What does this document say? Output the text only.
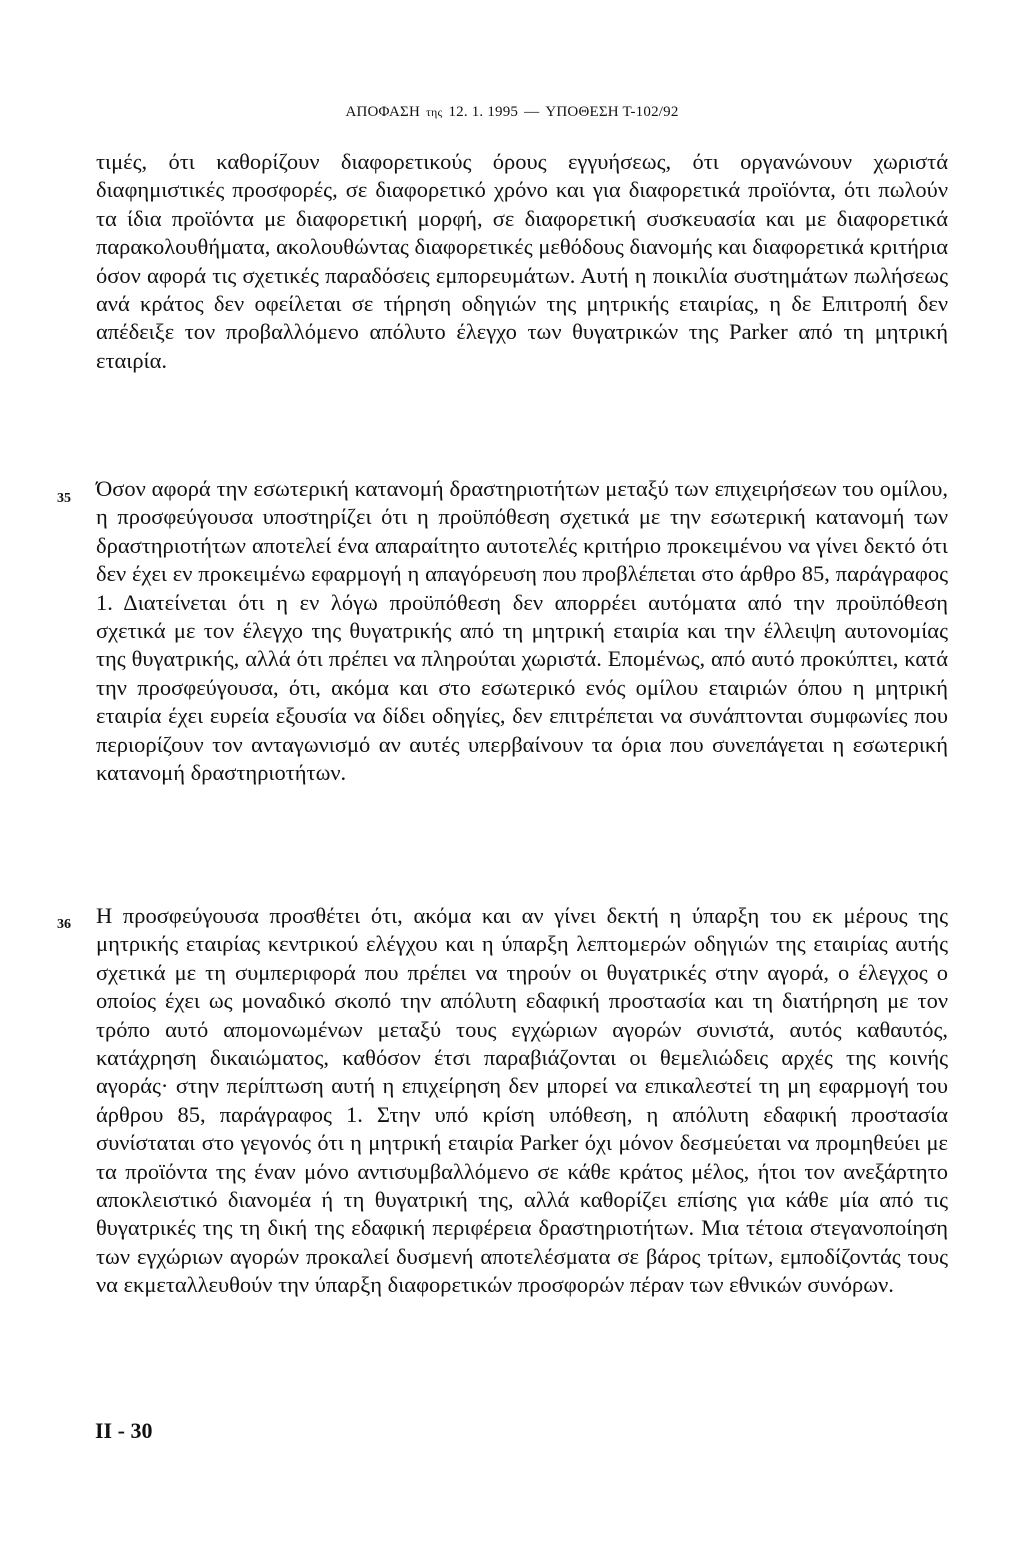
ΑΠΟΦΑΣΗ της 12. 1. 1995 — ΥΠΟΘΕΣΗ Τ-102/92

τιμές, ότι καθορίζουν διαφορετικούς όρους εγγυήσεως, ότι οργανώνουν χωριστά διαφημιστικές προσφορές, σε διαφορετικό χρόνο και για διαφορετικά προϊόντα, ότι πωλούν τα ίδια προϊόντα με διαφορετική μορφή, σε διαφορετική συσκευασία και με διαφορετικά παρακολουθήματα, ακολουθώντας διαφορετικές μεθόδους διανομής και διαφορετικά κριτήρια όσον αφορά τις σχετικές παραδόσεις εμπορευμάτων. Αυτή η ποικιλία συστημάτων πωλήσεως ανά κράτος δεν οφείλεται σε τήρηση οδηγιών της μητρικής εταιρίας, η δε Επιτροπή δεν απέδειξε τον προβαλλόμενο απόλυτο έλεγχο των θυγατρικών της Parker από τη μητρική εταιρία.

35 Όσον αφορά την εσωτερική κατανομή δραστηριοτήτων μεταξύ των επιχειρήσεων του ομίλου, η προσφεύγουσα υποστηρίζει ότι η προϋπόθεση σχετικά με την εσωτερική κατανομή των δραστηριοτήτων αποτελεί ένα απαραίτητο αυτοτελές κριτήριο προκειμένου να γίνει δεκτό ότι δεν έχει εν προκειμένω εφαρμογή η απαγόρευση που προβλέπεται στο άρθρο 85, παράγραφος 1. Διατείνεται ότι η εν λόγω προϋπόθεση δεν απορρέει αυτόματα από την προϋπόθεση σχετικά με τον έλεγχο της θυγατρικής από τη μητρική εταιρία και την έλλειψη αυτονομίας της θυγατρικής, αλλά ότι πρέπει να πληρούται χωριστά. Επομένως, από αυτό προκύπτει, κατά την προσφεύγουσα, ότι, ακόμα και στο εσωτερικό ενός ομίλου εταιριών όπου η μητρική εταιρία έχει ευρεία εξουσία να δίδει οδηγίες, δεν επιτρέπεται να συνάπτονται συμφωνίες που περιορίζουν τον ανταγωνισμό αν αυτές υπερβαίνουν τα όρια που συνεπάγεται η εσωτερική κατανομή δραστηριοτήτων.

36 Η προσφεύγουσα προσθέτει ότι, ακόμα και αν γίνει δεκτή η ύπαρξη του εκ μέρους της μητρικής εταιρίας κεντρικού ελέγχου και η ύπαρξη λεπτομερών οδηγιών της εταιρίας αυτής σχετικά με τη συμπεριφορά που πρέπει να τηρούν οι θυγατρικές στην αγορά, ο έλεγχος ο οποίος έχει ως μοναδικό σκοπό την απόλυτη εδαφική προστασία και τη διατήρηση με τον τρόπο αυτό απομονωμένων μεταξύ τους εγχώριων αγορών συνιστά, αυτός καθαυτός, κατάχρηση δικαιώματος, καθόσον έτσι παραβιάζονται οι θεμελιώδεις αρχές της κοινής αγοράς· στην περίπτωση αυτή η επιχείρηση δεν μπορεί να επικαλεστεί τη μη εφαρμογή του άρθρου 85, παράγραφος 1. Στην υπό κρίση υπόθεση, η απόλυτη εδαφική προστασία συνίσταται στο γεγονός ότι η μητρική εταιρία Parker όχι μόνον δεσμεύεται να προμηθεύει με τα προϊόντα της έναν μόνο αντισυμβαλλόμενο σε κάθε κράτος μέλος, ήτοι τον ανεξάρτητο αποκλειστικό διανομέα ή τη θυγατρική της, αλλά καθορίζει επίσης για κάθε μία από τις θυγατρικές της τη δική της εδαφική περιφέρεια δραστηριοτήτων. Μια τέτοια στεγανοποίηση των εγχώριων αγορών προκαλεί δυσμενή αποτελέσματα σε βάρος τρίτων, εμποδίζοντάς τους να εκμεταλλευθούν την ύπαρξη διαφορετικών προσφορών πέραν των εθνικών συνόρων.

II - 30
